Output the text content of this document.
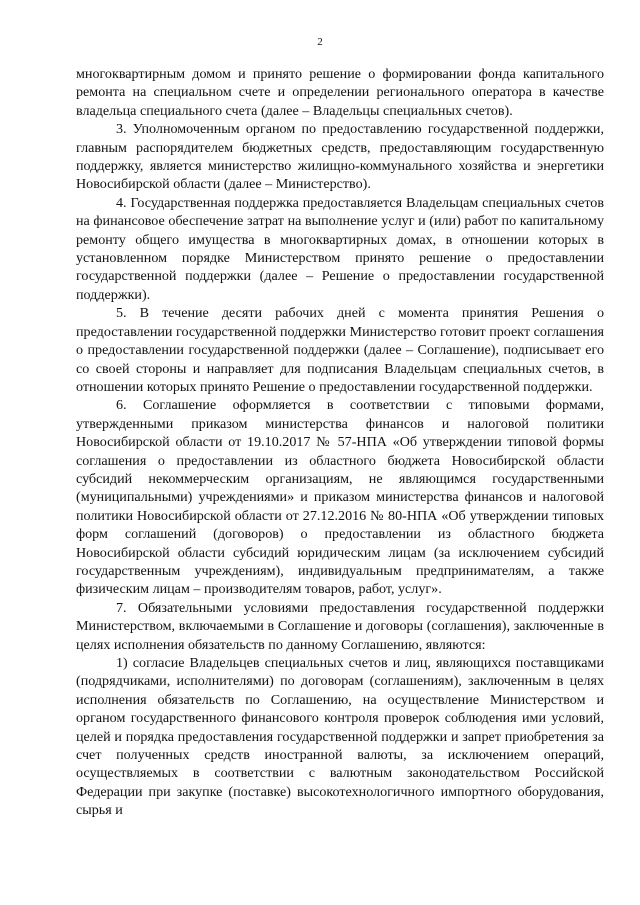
2

многоквартирным домом и принято решение о формировании фонда капитального ремонта на специальном счете и определении регионального оператора в качестве владельца специального счета (далее – Владельцы специальных счетов).

3. Уполномоченным органом по предоставлению государственной поддержки, главным распорядителем бюджетных средств, предоставляющим государственную поддержку, является министерство жилищно-коммунального хозяйства и энергетики Новосибирской области (далее – Министерство).

4. Государственная поддержка предоставляется Владельцам специальных счетов на финансовое обеспечение затрат на выполнение услуг и (или) работ по капитальному ремонту общего имущества в многоквартирных домах, в отношении которых в установленном порядке Министерством принято решение о предоставлении государственной поддержки (далее – Решение о предоставлении государственной поддержки).

5. В течение десяти рабочих дней с момента принятия Решения о предоставлении государственной поддержки Министерство готовит проект соглашения о предоставлении государственной поддержки (далее – Соглашение), подписывает его со своей стороны и направляет для подписания Владельцам специальных счетов, в отношении которых принято Решение о предоставлении государственной поддержки.

6. Соглашение оформляется в соответствии с типовыми формами, утвержденными приказом министерства финансов и налоговой политики Новосибирской области от 19.10.2017 № 57-НПА «Об утверждении типовой формы соглашения о предоставлении из областного бюджета Новосибирской области субсидий некоммерческим организациям, не являющимся государственными (муниципальными) учреждениями» и приказом министерства финансов и налоговой политики Новосибирской области от 27.12.2016 № 80-НПА «Об утверждении типовых форм соглашений (договоров) о предоставлении из областного бюджета Новосибирской области субсидий юридическим лицам (за исключением субсидий государственным учреждениям), индивидуальным предпринимателям, а также физическим лицам – производителям товаров, работ, услуг».

7. Обязательными условиями предоставления государственной поддержки Министерством, включаемыми в Соглашение и договоры (соглашения), заключенные в целях исполнения обязательств по данному Соглашению, являются:

1) согласие Владельцев специальных счетов и лиц, являющихся поставщиками (подрядчиками, исполнителями) по договорам (соглашениям), заключенным в целях исполнения обязательств по Соглашению, на осуществление Министерством и органом государственного финансового контроля проверок соблюдения ими условий, целей и порядка предоставления государственной поддержки и запрет приобретения за счет полученных средств иностранной валюты, за исключением операций, осуществляемых в соответствии с валютным законодательством Российской Федерации при закупке (поставке) высокотехнологичного импортного оборудования, сырья и
